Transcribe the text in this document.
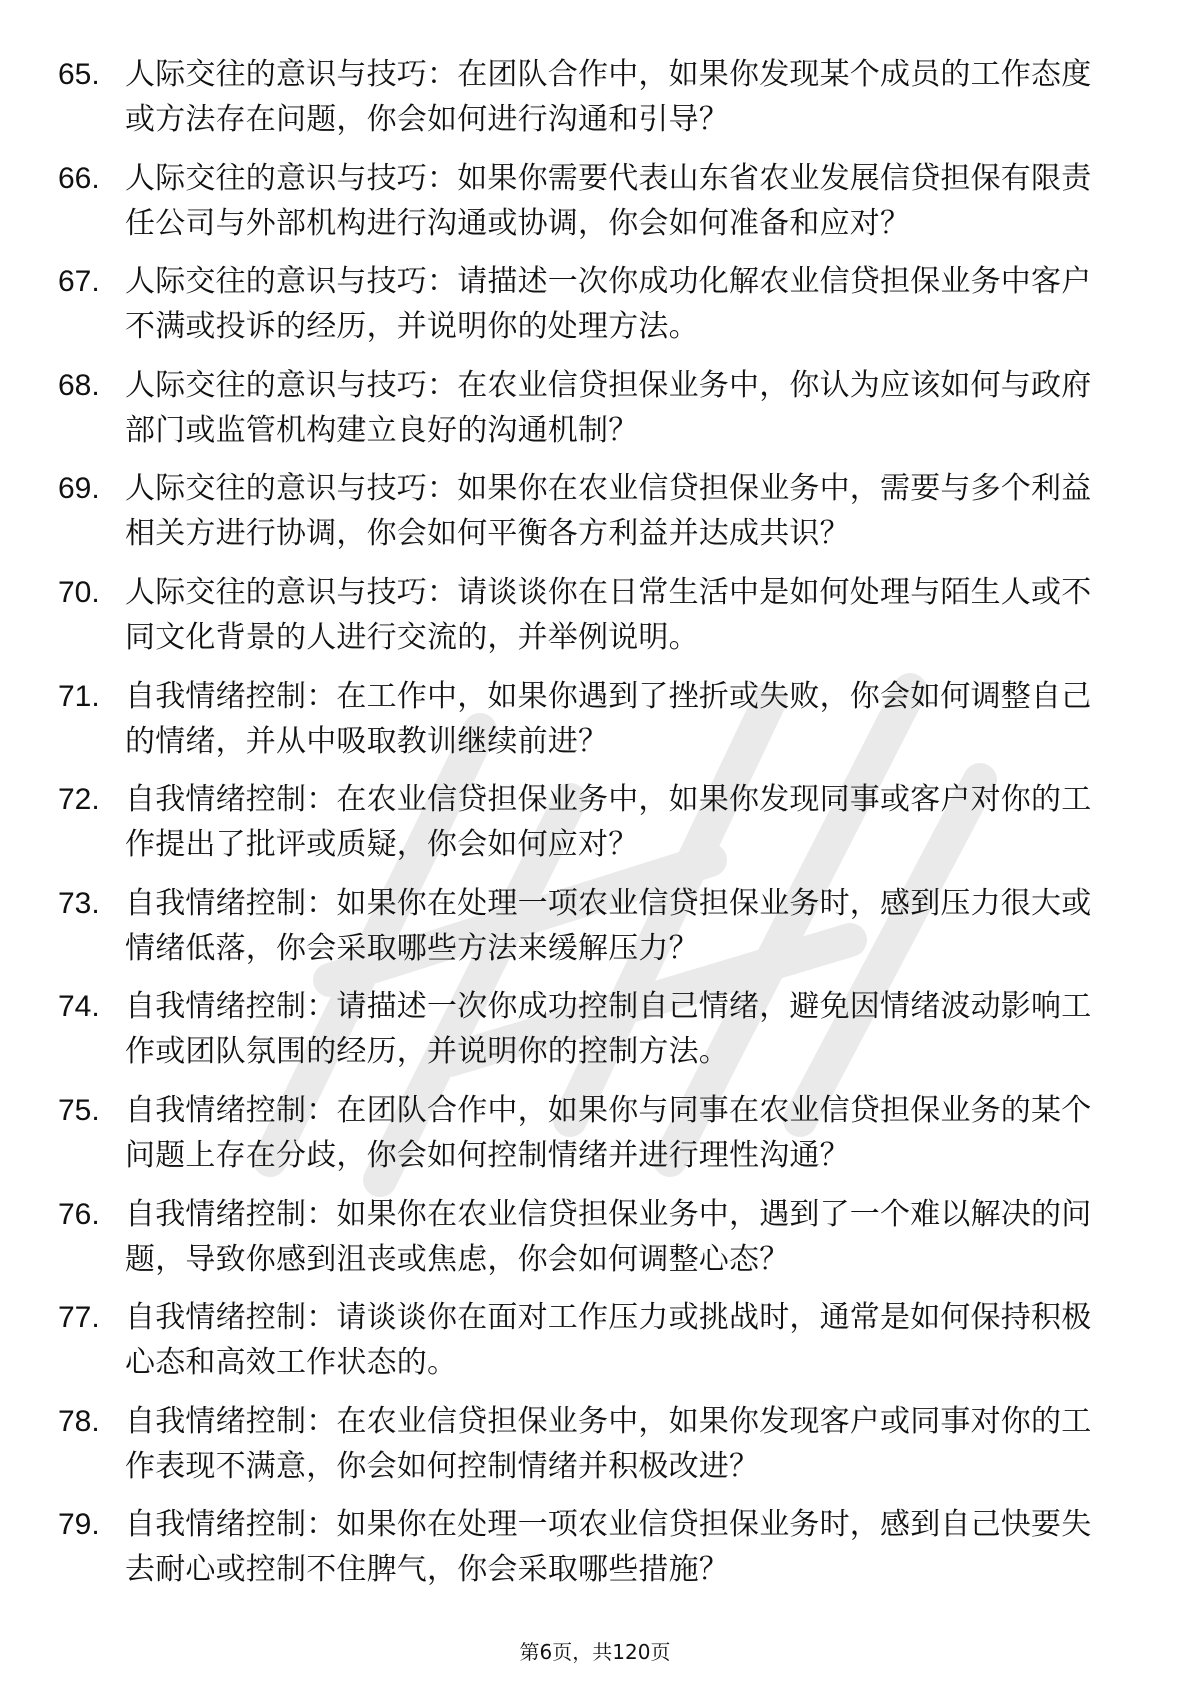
65. 人际交往的意识与技巧：在团队合作中，如果你发现某个成员的工作态度或方法存在问题，你会如何进行沟通和引导？
66. 人际交往的意识与技巧：如果你需要代表山东省农业发展信贷担保有限责任公司与外部机构进行沟通或协调，你会如何准备和应对？
67. 人际交往的意识与技巧：请描述一次你成功化解农业信贷担保业务中客户不满或投诉的经历，并说明你的处理方法。
68. 人际交往的意识与技巧：在农业信贷担保业务中，你认为应该如何与政府部门或监管机构建立良好的沟通机制？
69. 人际交往的意识与技巧：如果你在农业信贷担保业务中，需要与多个利益相关方进行协调，你会如何平衡各方利益并达成共识？
70. 人际交往的意识与技巧：请谈谈你在日常生活中是如何处理与陌生人或不同文化背景的人进行交流的，并举例说明。
71. 自我情绪控制：在工作中，如果你遇到了挫折或失败，你会如何调整自己的情绪，并从中吸取教训继续前进？
72. 自我情绪控制：在农业信贷担保业务中，如果你发现同事或客户对你的工作提出了批评或质疑，你会如何应对？
73. 自我情绪控制：如果你在处理一项农业信贷担保业务时，感到压力很大或情绪低落，你会采取哪些方法来缓解压力？
74. 自我情绪控制：请描述一次你成功控制自己情绪，避免因情绪波动影响工作或团队氛围的经历，并说明你的控制方法。
75. 自我情绪控制：在团队合作中，如果你与同事在农业信贷担保业务的某个问题上存在分歧，你会如何控制情绪并进行理性沟通？
76. 自我情绪控制：如果你在农业信贷担保业务中，遇到了一个难以解决的问题，导致你感到沮丧或焦虑，你会如何调整心态？
77. 自我情绪控制：请谈谈你在面对工作压力或挑战时，通常是如何保持积极心态和高效工作状态的。
78. 自我情绪控制：在农业信贷担保业务中，如果你发现客户或同事对你的工作表现不满意，你会如何控制情绪并积极改进？
79. 自我情绪控制：如果你在处理一项农业信贷担保业务时，感到自己快要失去耐心或控制不住脾气，你会采取哪些措施？
第6页，共120页
